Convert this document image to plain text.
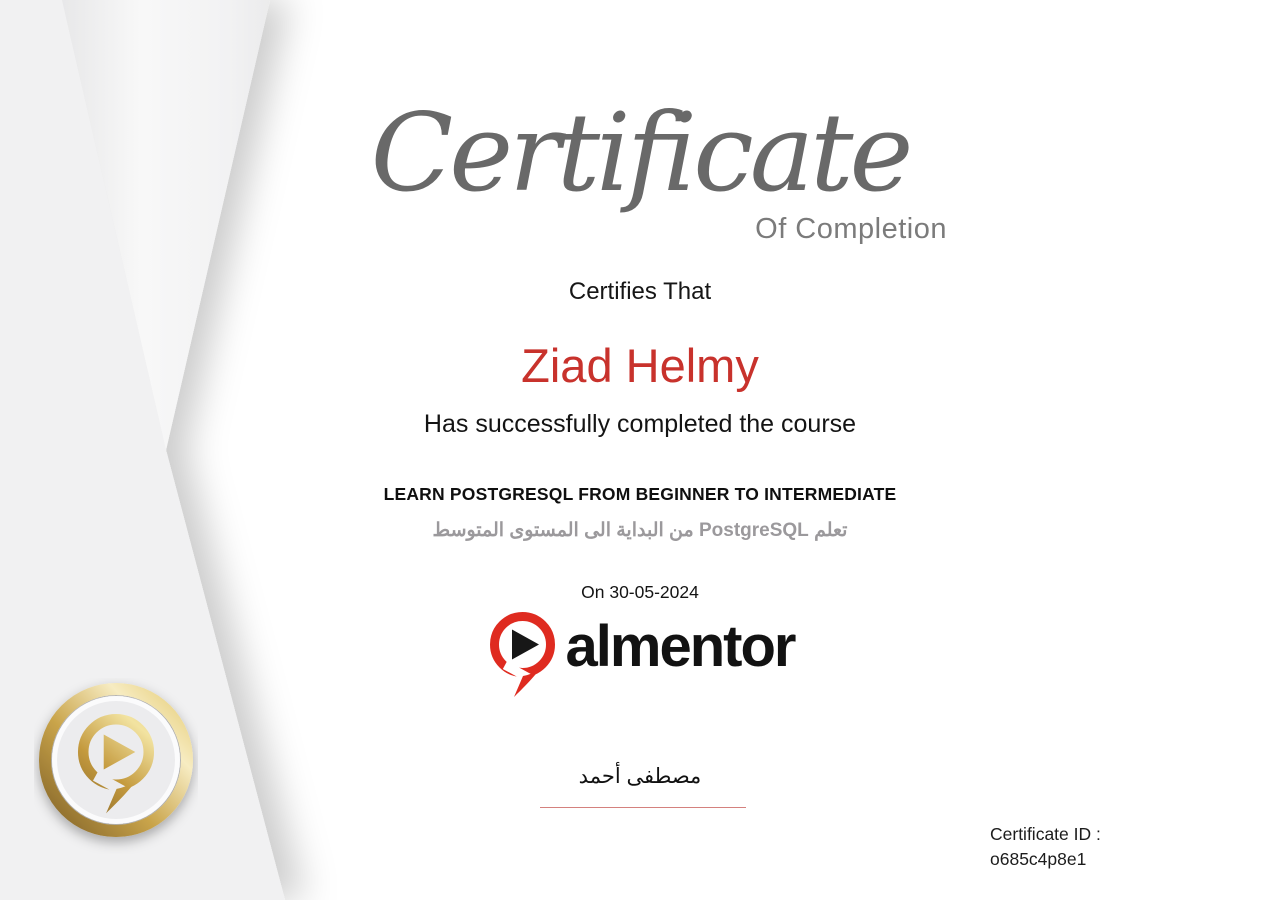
Certificate
Of Completion
Certifies That
Ziad Helmy
Has successfully completed the course
LEARN POSTGRESQL FROM BEGINNER TO INTERMEDIATE
تعلم PostgreSQL من البداية الى المستوى المتوسط
On 30-05-2024
almentor
مصطفى أحمد
Certificate ID :
o685c4p8e1
